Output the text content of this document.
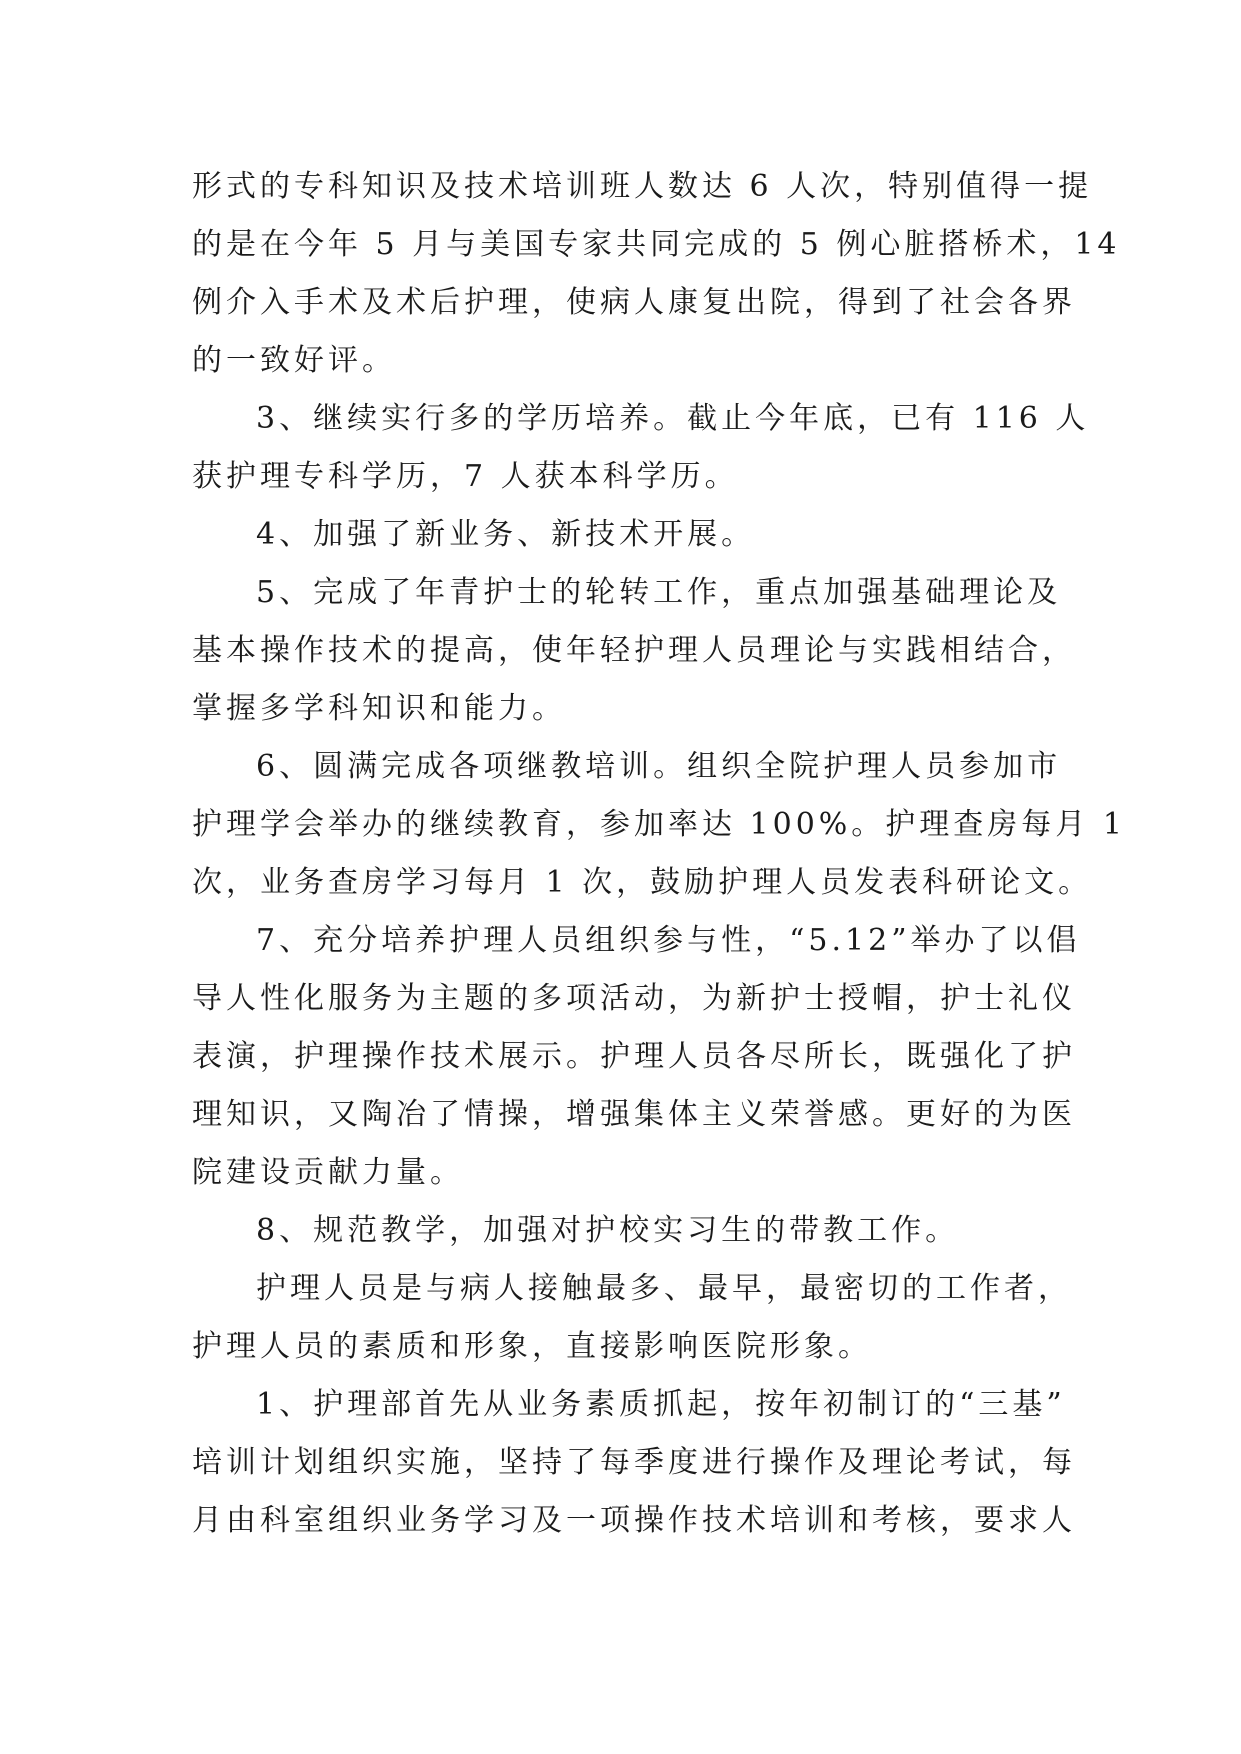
形式的专科知识及技术培训班人数达 6 人次，特别值得一提
的是在今年 5 月与美国专家共同完成的 5 例心脏搭桥术，14
例介入手术及术后护理，使病人康复出院，得到了社会各界
的一致好评。
3、继续实行多的学历培养。截止今年底，已有 116 人
获护理专科学历，7 人获本科学历。
4、加强了新业务、新技术开展。
5、完成了年青护士的轮转工作，重点加强基础理论及
基本操作技术的提高，使年轻护理人员理论与实践相结合，
掌握多学科知识和能力。
6、圆满完成各项继教培训。组织全院护理人员参加市
护理学会举办的继续教育，参加率达 100%。护理查房每月 1
次，业务查房学习每月 1 次，鼓励护理人员发表科研论文。
7、充分培养护理人员组织参与性，“5.12”举办了以倡
导人性化服务为主题的多项活动，为新护士授帽，护士礼仪
表演，护理操作技术展示。护理人员各尽所长，既强化了护
理知识，又陶冶了情操，增强集体主义荣誉感。更好的为医
院建设贡献力量。
8、规范教学，加强对护校实习生的带教工作。
护理人员是与病人接触最多、最早，最密切的工作者，
护理人员的素质和形象，直接影响医院形象。
1、护理部首先从业务素质抓起，按年初制订的“三基”
培训计划组织实施，坚持了每季度进行操作及理论考试，每
月由科室组织业务学习及一项操作技术培训和考核，要求人
